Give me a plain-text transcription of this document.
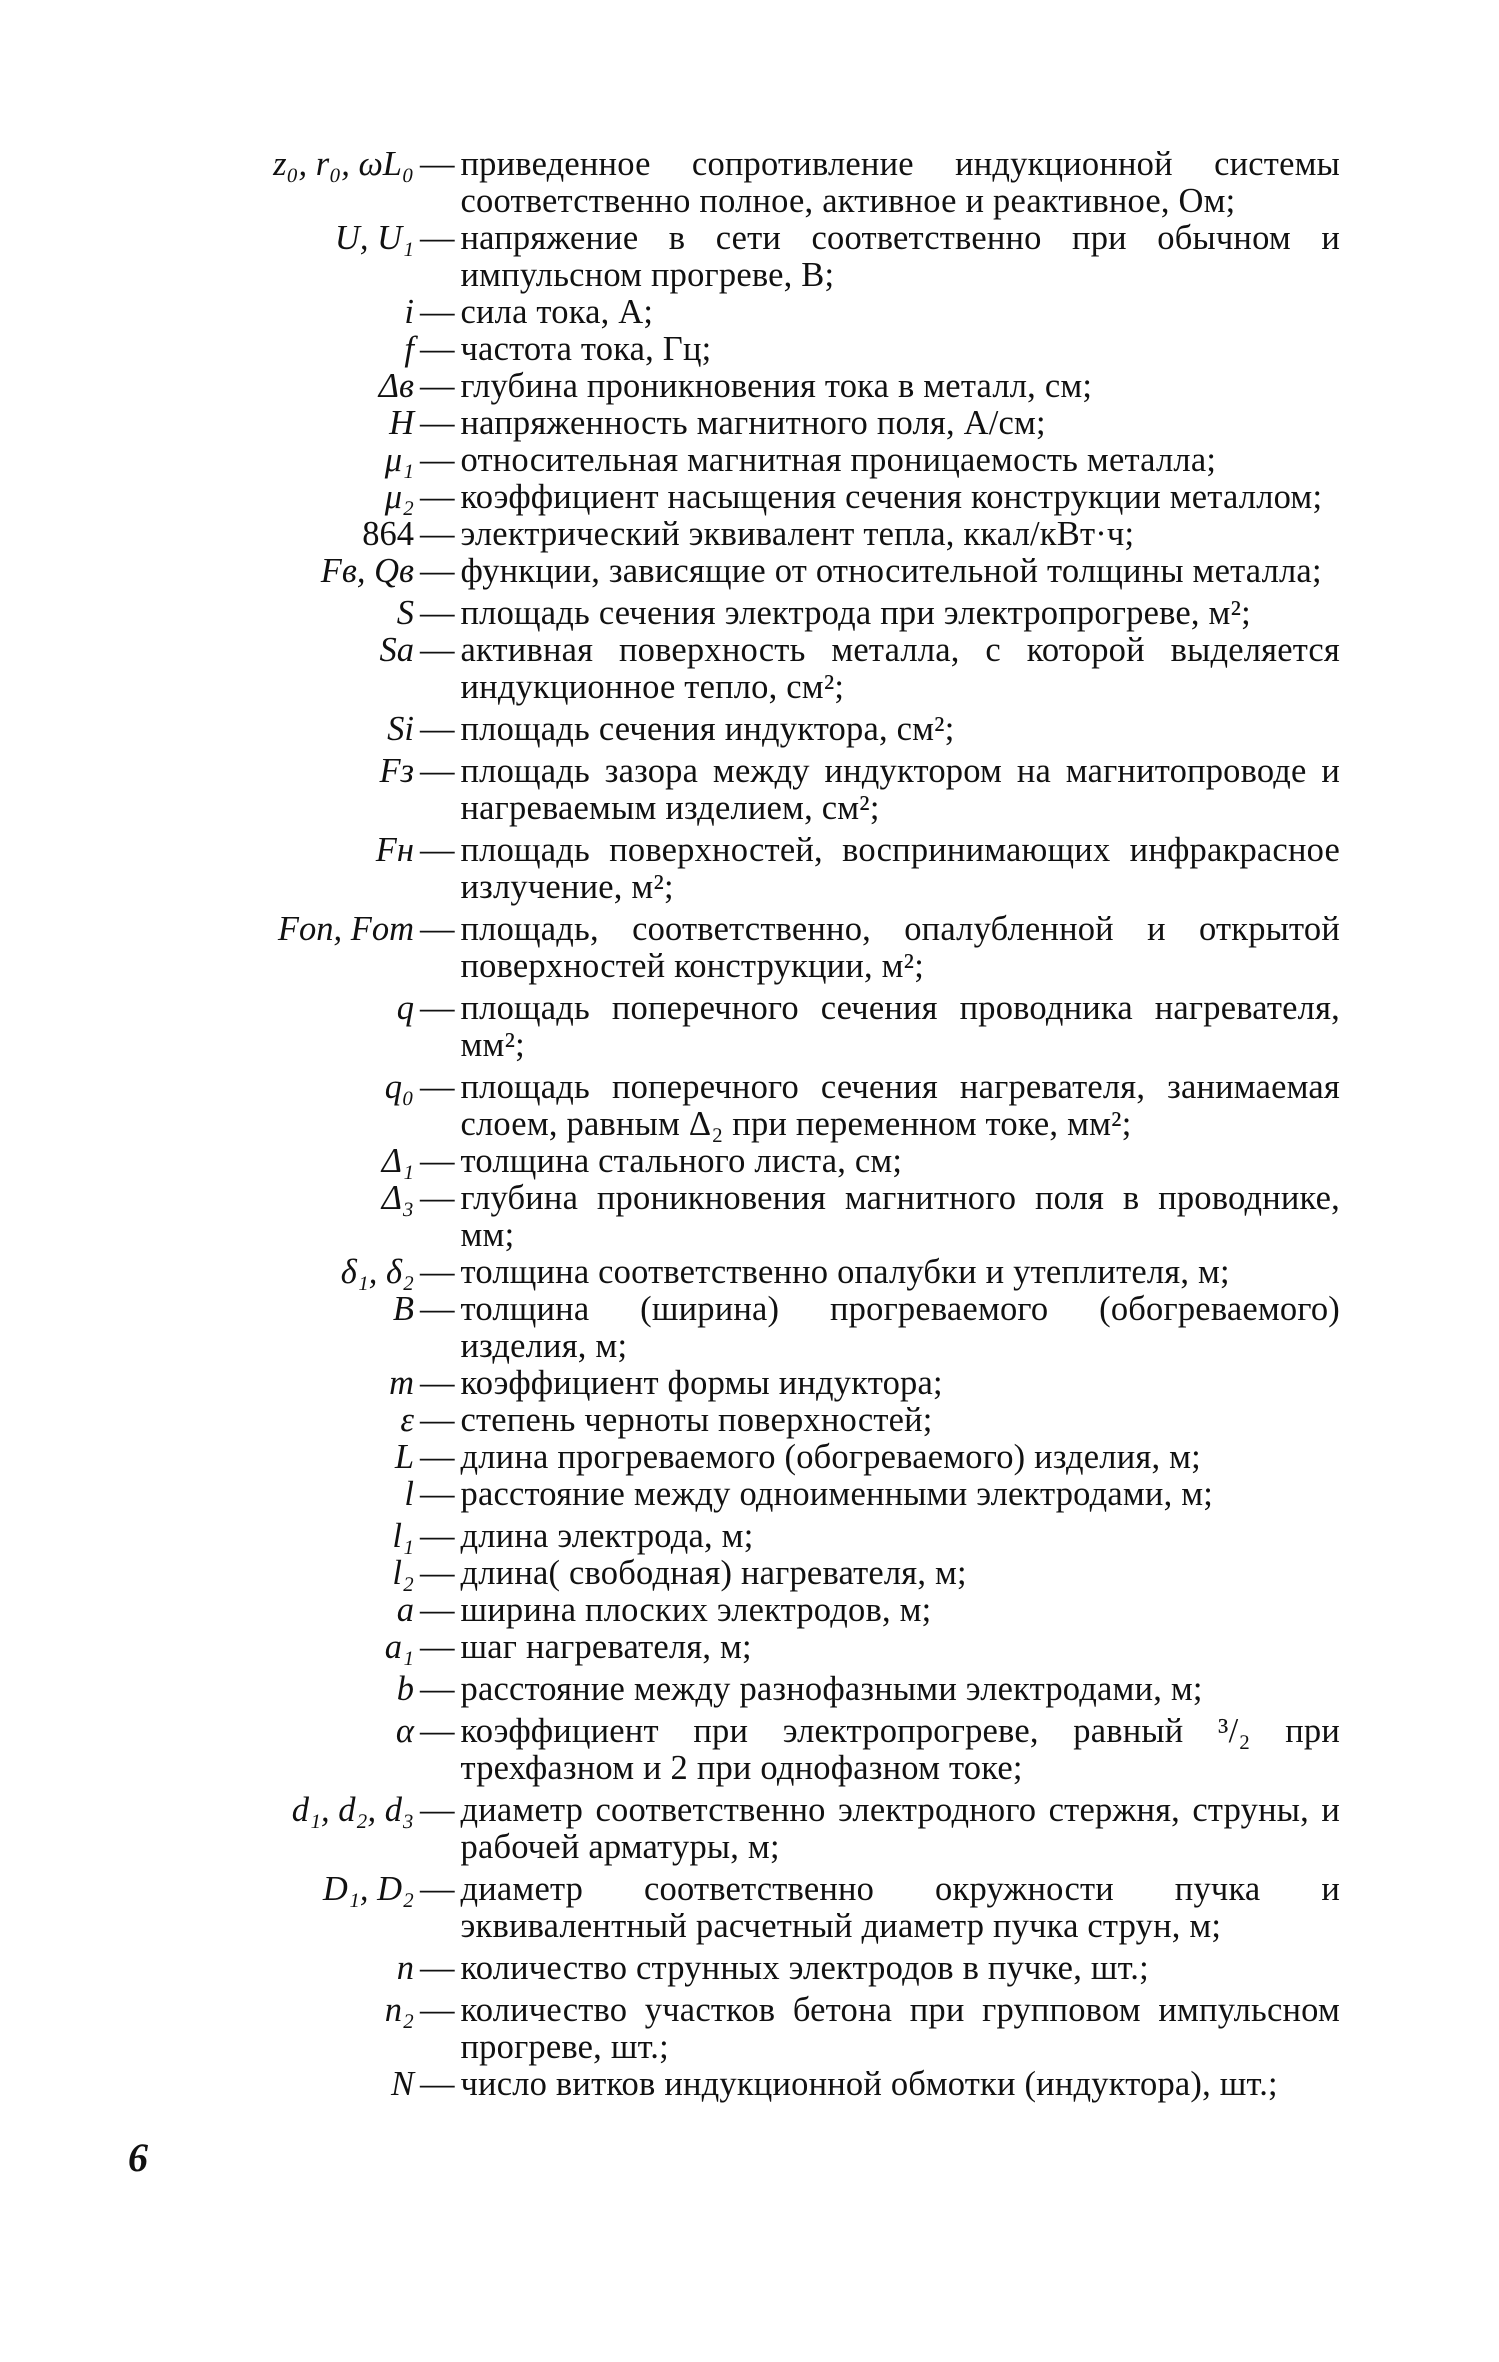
z₀, r₀, ωL₀ — приведенное сопротивление индукционной системы соответственно полное, активное и реактивное, Ом;
U, U₁ — напряжение в сети соответственно при обычном и импульсном прогреве, В;
i — сила тока, А;
f — частота тока, Гц;
Δв — глубина проникновения тока в металл, см;
H — напряженность магнитного поля, А/см;
μ₁ — относительная магнитная проницаемость металла;
μ₂ — коэффициент насыщения сечения конструкции металлом;
864 — электрический эквивалент тепла, ккал/кВт·ч;
Fв, Qв — функции, зависящие от относительной толщины металла;
S — площадь сечения электрода при электропрогреве, м²;
Sа — активная поверхность металла, с которой выделяется индукционное тепло, см²;
Si — площадь сечения индуктора, см²;
Fз — площадь зазора между индуктором на магнитопроводе и нагреваемым изделием, см²;
Fн — площадь поверхностей, воспринимающих инфракрасное излучение, м²;
Fоп, Fот — площадь, соответственно, опалубленной и открытой поверхностей конструкции, м²;
q — площадь поперечного сечения проводника нагревателя, мм²;
q₀ — площадь поперечного сечения нагревателя, занимаемая слоем, равным Δ₂ при переменном токе, мм²;
Δ₁ — толщина стального листа, см;
Δ₃ — глубина проникновения магнитного поля в проводнике, мм;
δ₁, δ₂ — толщина соответственно опалубки и утеплителя, м;
B — толщина (ширина) прогреваемого (обогреваемого) изделия, м;
m — коэффициент формы индуктора;
ε — степень черноты поверхностей;
L — длина прогреваемого (обогреваемого) изделия, м;
l — расстояние между одноименными электродами, м;
l₁ — длина электрода, м;
l₂ — длина( свободная) нагревателя, м;
a — ширина плоских электродов, м;
a₁ — шаг нагревателя, м;
b — расстояние между разнофазными электродами, м;
α — коэффициент при электропрогреве, равный ³/₂ при трехфазном и 2 при однофазном токе;
d₁, d₂, d₃ — диаметр соответственно электродного стержня, струны, и рабочей арматуры, м;
D₁, D₂ — диаметр соответственно окружности пучка и эквивалентный расчетный диаметр пучка струн, м;
n — количество струнных электродов в пучке, шт.;
n₂ — количество участков бетона при групповом импульсном прогреве, шт.;
N — число витков индукционной обмотки (индуктора), шт.;
6
